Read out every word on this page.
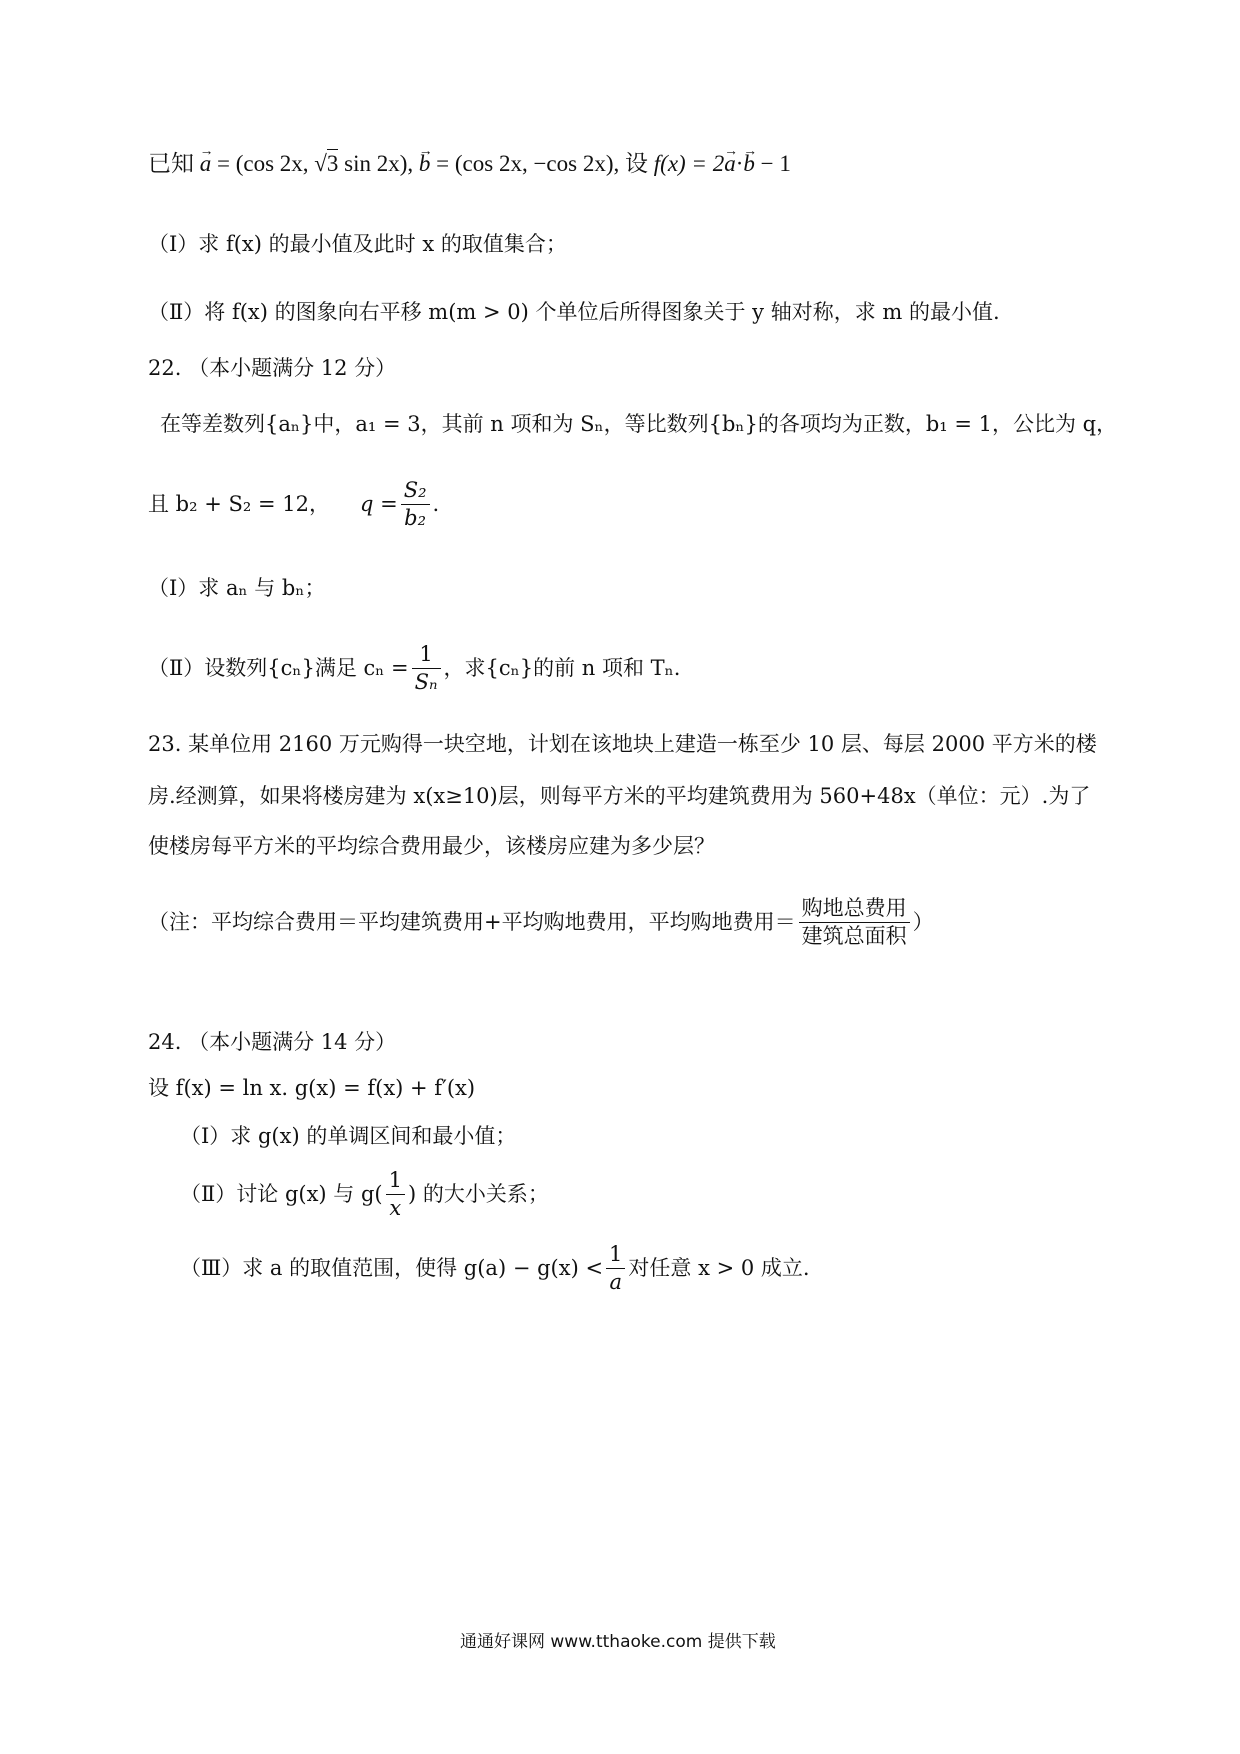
已知 → a = (cos 2x, √3 sin 2x), → b = (cos 2x, −cos 2x), 设 f(x) = 2→ a·→ b − 1
（Ⅰ）求 f(x) 的最小值及此时 x 的取值集合；
（Ⅱ）将 f(x) 的图象向右平移 m(m > 0) 个单位后所得图象关于 y 轴对称，求 m 的最小值.
22. （本小题满分 12 分）
在等差数列{aₙ}中，a₁ = 3，其前 n 项和为 Sₙ，等比数列{bₙ}的各项均为正数，b₁ = 1，公比为 q，
且 b₂ + S₂ = 12， $q = \frac{\text{S₂}}{\text{b₂}}$ .
（Ⅰ）求 aₙ 与 bₙ；
（Ⅱ）设数列{cₙ}满足 $c_n = \frac{1}{\text{Sₙ}}$ ，求{cₙ}的前 n 项和 Tₙ.
23. 某单位用 2160 万元购得一块空地，计划在该地块上建造一栋至少 10 层、每层 2000 平方米的楼
房.经测算，如果将楼房建为 x(x≥10)层，则每平方米的平均建筑费用为 560+48x（单位：元）.为了
使楼房每平方米的平均综合费用最少，该楼房应建为多少层？
（注：平均综合费用＝平均建筑费用+平均购地费用，平均购地费用＝ $\frac{\text{购地总费用}}{\text{建筑总面积}}$ ）
24. （本小题满分 14 分）
设 f(x) = ln x. g(x) = f(x) + f′(x)
（Ⅰ）求 g(x) 的单调区间和最小值；
（Ⅱ）讨论 g(x) 与 $g( \frac{1}{x}$ ) 的大小关系；
（Ⅲ）求 a 的取值范围，使得 $g(a) - g(x) < \frac{1}{a}$ 对任意 x > 0 成立.
通通好课网 www.tthaoke.com 提供下载
